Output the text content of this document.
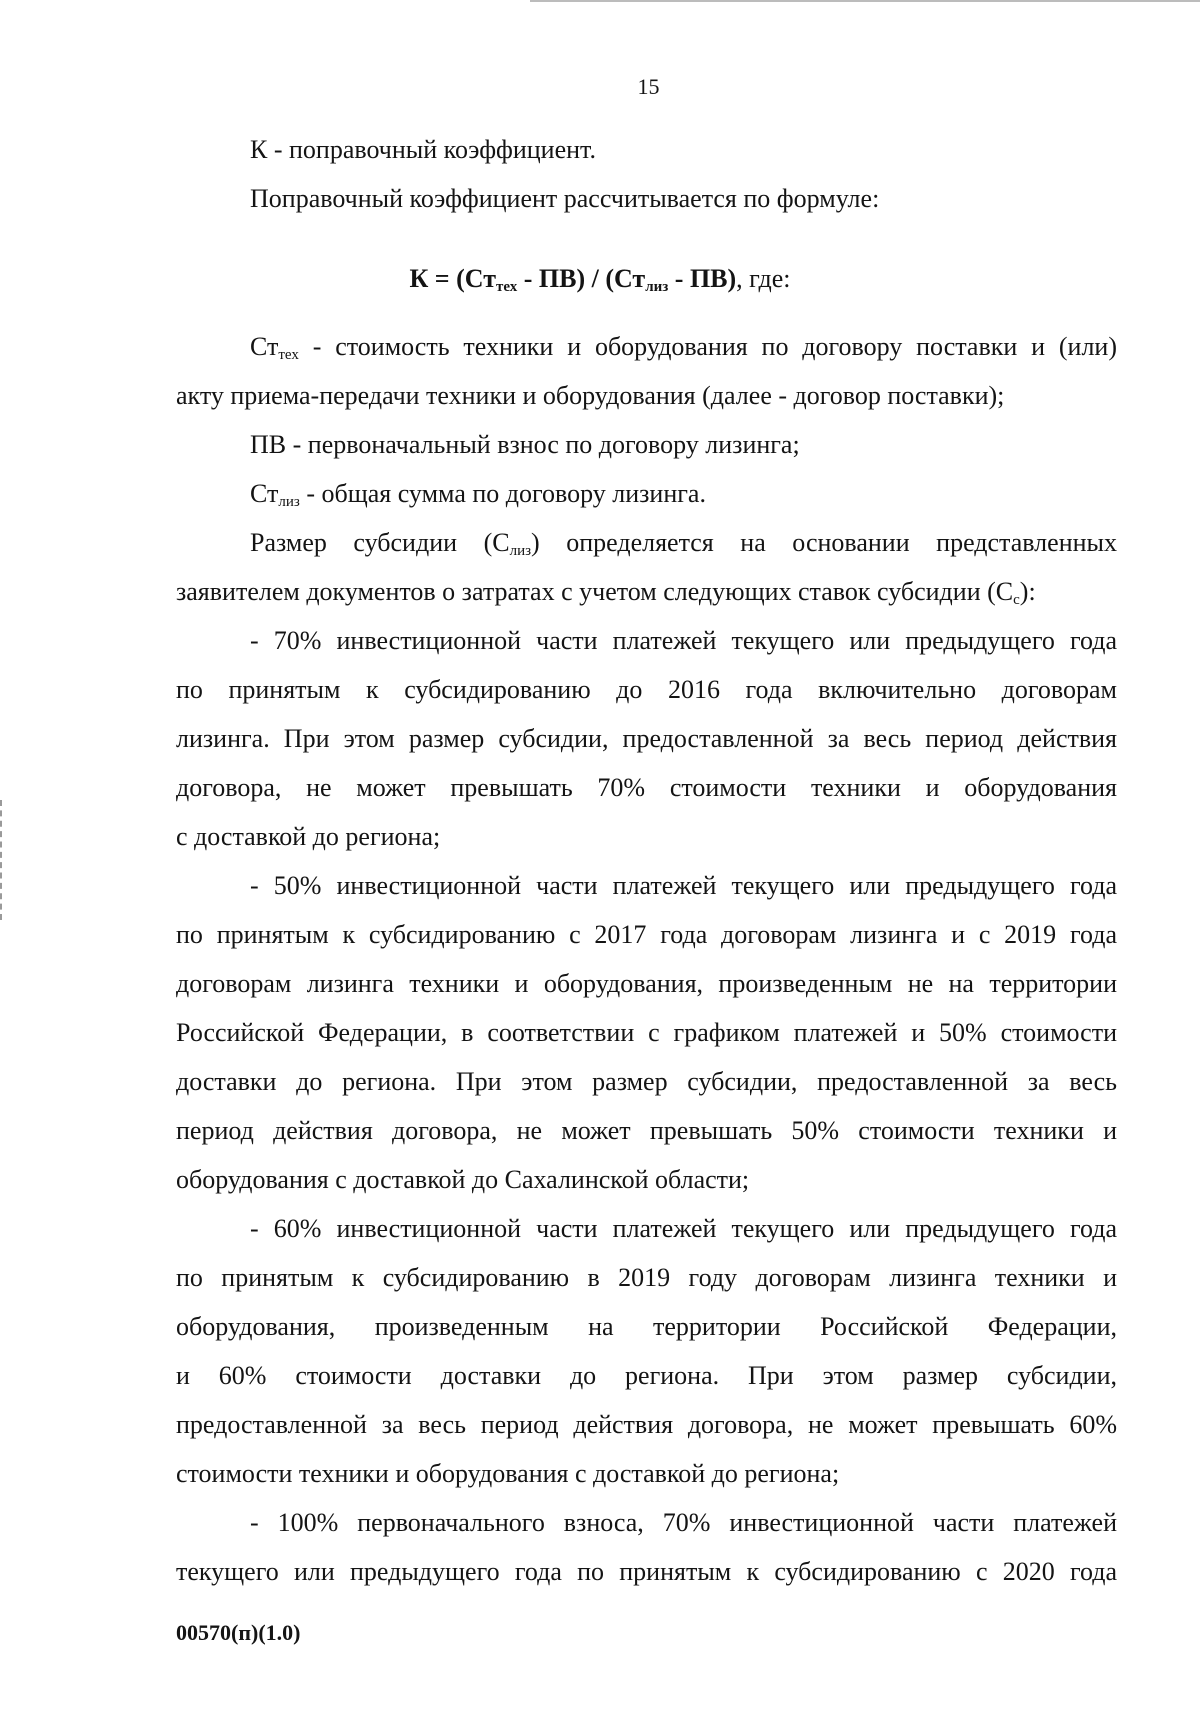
15

К - поправочный коэффициент.

Поправочный коэффициент рассчитывается по формуле:

$К = (Ст_{тех} - ПВ) / (Ст_{лиз} - ПВ)$, где:

$Ст_{тех}$ - стоимость техники и оборудования по договору поставки и (или)

акту приема-передачи техники и оборудования (далее - договор поставки);

ПВ - первоначальный взнос по договору лизинга;

$Ст_{лиз}$ - общая сумма по договору лизинга.

Размер субсидии $(С_{лиз})$ определяется на основании представленных

заявителем документов о затратах с учетом следующих ставок субсидии $(С_с)$:

- 70% инвестиционной части платежей текущего или предыдущего года

по принятым к субсидированию до 2016 года включительно договорам

лизинга. При этом размер субсидии, предоставленной за весь период действия

договора, не может превышать 70% стоимости техники и оборудования

с доставкой до региона;

- 50% инвестиционной части платежей текущего или предыдущего года

по принятым к субсидированию с 2017 года договорам лизинга и с 2019 года

договорам лизинга техники и оборудования, произведенным не на территории

Российской Федерации, в соответствии с графиком платежей и 50% стоимости

доставки до региона. При этом размер субсидии, предоставленной за весь

период действия договора, не может превышать 50% стоимости техники и

оборудования с доставкой до Сахалинской области;

- 60% инвестиционной части платежей текущего или предыдущего года

по принятым к субсидированию в 2019 году договорам лизинга техники и

оборудования, произведенным на территории Российской Федерации,

и 60% стоимости доставки до региона. При этом размер субсидии,

предоставленной за весь период действия договора, не может превышать 60%

стоимости техники и оборудования с доставкой до региона;

- 100% первоначального взноса, 70% инвестиционной части платежей

текущего или предыдущего года по принятым к субсидированию с 2020 года

00570(п)(1.0)
